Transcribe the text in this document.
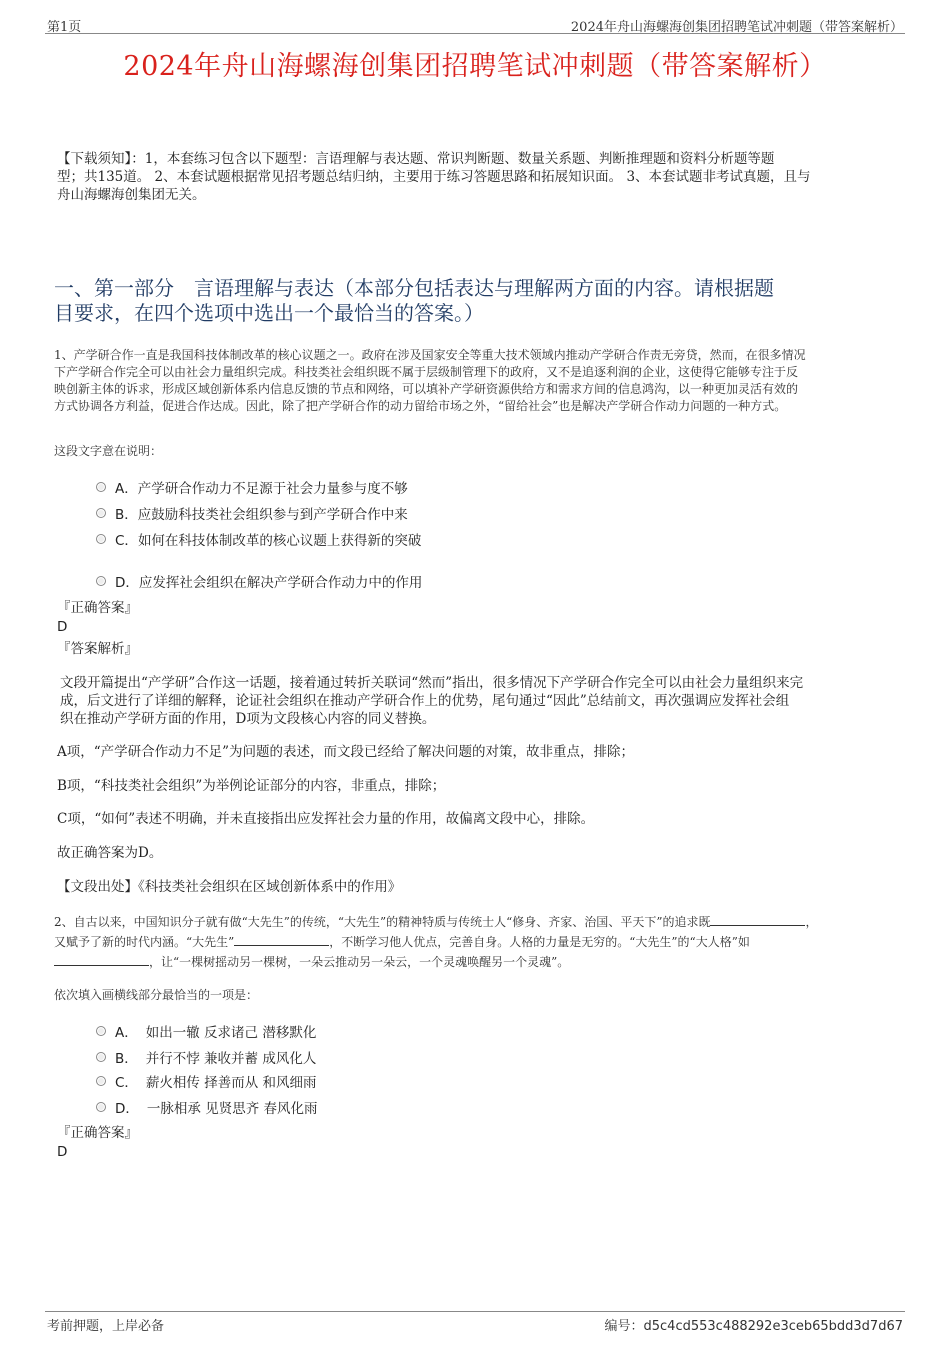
第1页	2024年舟山海螺海创集团招聘笔试冲刺题（带答案解析）
2024年舟山海螺海创集团招聘笔试冲刺题（带答案解析）
【下载须知】：1，本套练习包含以下题型：言语理解与表达题、常识判断题、数量关系题、判断推理题和资料分析题等题
型；共135道。 2、本套试题根据常见招考题总结归纳，主要用于练习答题思路和拓展知识面。 3、本套试题非考试真题，且与
舟山海螺海创集团无关。
一、第一部分　言语理解与表达（本部分包括表达与理解两方面的内容。请根据题
目要求，在四个选项中选出一个最恰当的答案。）
1、产学研合作一直是我国科技体制改革的核心议题之一。政府在涉及国家安全等重大技术领域内推动产学研合作责无旁贷，然而，在很多情况
下产学研合作完全可以由社会力量组织完成。科技类社会组织既不属于层级制管理下的政府，又不是追逐利润的企业，这使得它能够专注于反
映创新主体的诉求，形成区域创新体系内信息反馈的节点和网络，可以填补产学研资源供给方和需求方间的信息鸿沟，以一种更加灵活有效的
方式协调各方利益，促进合作达成。因此，除了把产学研合作的动力留给市场之外，“留给社会”也是解决产学研合作动力问题的一种方式。
这段文字意在说明：
A． 产学研合作动力不足源于社会力量参与度不够
B． 应鼓励科技类社会组织参与到产学研合作中来
C． 如何在科技体制改革的核心议题上获得新的突破
D． 应发挥社会组织在解决产学研合作动力中的作用
『正确答案』
D
『答案解析』
文段开篇提出“产学研”合作这一话题，接着通过转折关联词“然而”指出，很多情况下产学研合作完全可以由社会力量组织来完
成，后文进行了详细的解释，论证社会组织在推动产学研合作上的优势，尾句通过“因此”总结前文，再次强调应发挥社会组
织在推动产学研方面的作用，D项为文段核心内容的同义替换。
A项，“产学研合作动力不足”为问题的表述，而文段已经给了解决问题的对策，故非重点，排除；
B项，“科技类社会组织”为举例论证部分的内容，非重点，排除；
C项，“如何”表述不明确，并未直接指出应发挥社会力量的作用，故偏离文段中心，排除。
故正确答案为D。
【文段出处】《科技类社会组织在区域创新体系中的作用》
2、自古以来，中国知识分子就有做“大先生”的传统，“大先生”的精神特质与传统士人“修身、齐家、治国、平天下”的追求既	，
又赋予了新的时代内涵。“大先生”	，不断学习他人优点，完善自身。人格的力量是无穷的。“大先生”的“大人格”如
，让“一棵树摇动另一棵树，一朵云推动另一朵云，一个灵魂唤醒另一个灵魂”。
依次填入画横线部分最恰当的一项是：
A． 如出一辙 反求诸己 潜移默化
B． 并行不悖 兼收并蓄 成风化人
C． 薪火相传 择善而从 和风细雨
D． 一脉相承 见贤思齐 春风化雨
『正确答案』
D
考前押题，上岸必备	编号：d5c4cd553c488292e3ceb65bdd3d7d67
